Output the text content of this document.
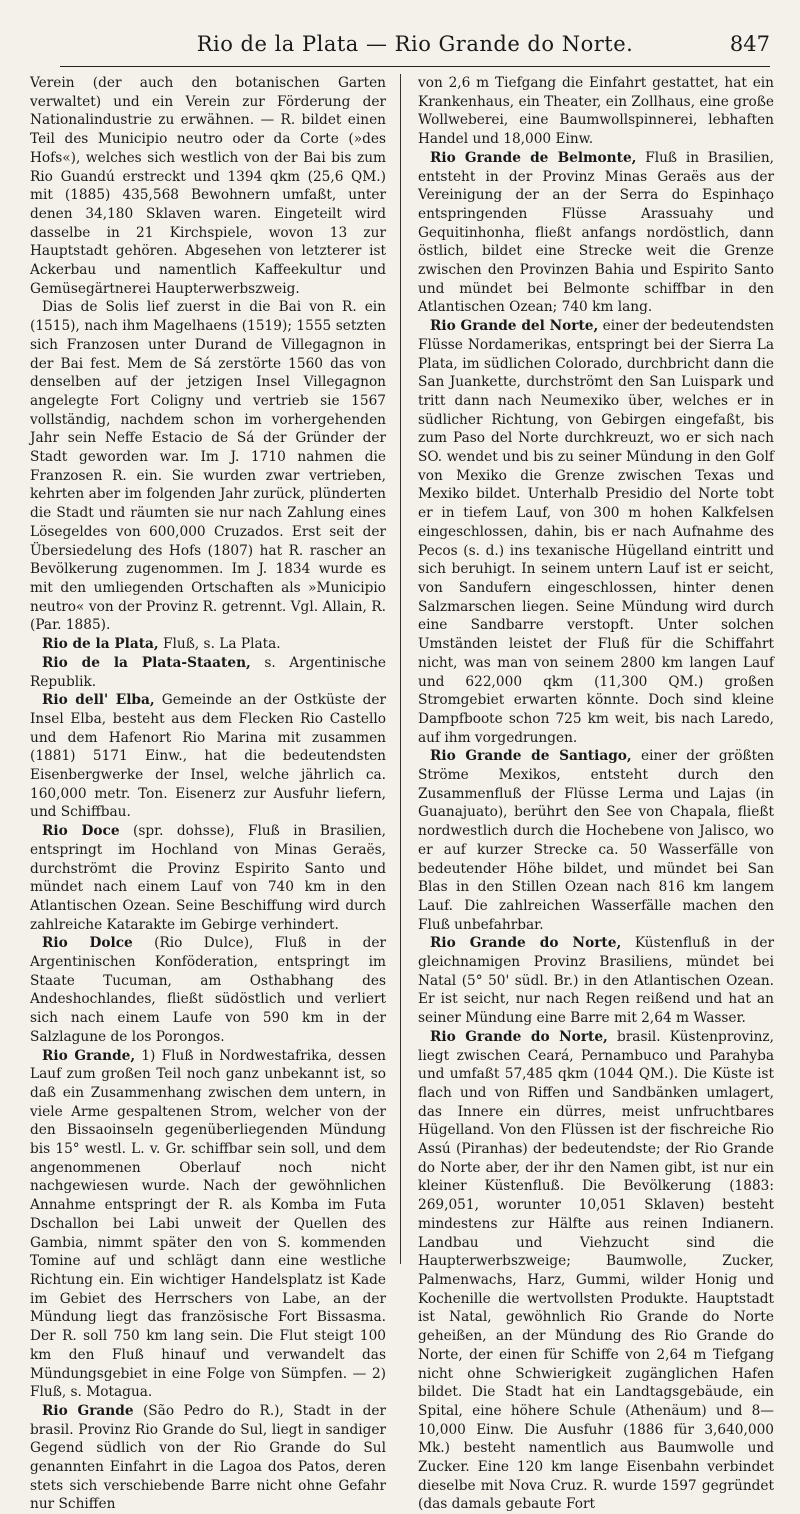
Rio de la Plata — Rio Grande do Norte.	847

Verein (der auch den botanischen Garten verwaltet) und ein Verein zur Förderung der Nationalindustrie zu erwähnen. — R. bildet einen Teil des Municipio neutro oder da Corte (»des Hofs«), welches sich westlich von der Bai bis zum Rio Guandú erstreckt und 1394 qkm (25,6 QM.) mit (1885) 435,568 Bewohnern umfaßt, unter denen 34,180 Sklaven waren. Eingeteilt wird dasselbe in 21 Kirchspiele, wovon 13 zur Hauptstadt gehören. Abgesehen von letzterer ist Ackerbau und namentlich Kaffeekultur und Gemüsegärtnerei Haupterwerbszweig.

Dias de Solis lief zuerst in die Bai von R. ein (1515), nach ihm Magelhaens (1519); 1555 setzten sich Franzosen unter Durand de Villegagnon in der Bai fest. Mem de Sá zerstörte 1560 das von denselben auf der jetzigen Insel Villegagnon angelegte Fort Coligny und vertrieb sie 1567 vollständig, nachdem schon im vorhergehenden Jahr sein Neffe Estacio de Sá der Gründer der Stadt geworden war. Im J. 1710 nahmen die Franzosen R. ein. Sie wurden zwar vertrieben, kehrten aber im folgenden Jahr zurück, plünderten die Stadt und räumten sie nur nach Zahlung eines Lösegeldes von 600,000 Cruzados. Erst seit der Übersiedelung des Hofs (1807) hat R. rascher an Bevölkerung zugenommen. Im J. 1834 wurde es mit den umliegenden Ortschaften als »Municipio neutro« von der Provinz R. getrennt. Vgl. Allain, R. (Par. 1885).

Rio de la Plata, Fluß, s. La Plata.

Rio de la Plata-Staaten, s. Argentinische Republik.

Rio dell' Elba, Gemeinde an der Ostküste der Insel Elba, besteht aus dem Flecken Rio Castello und dem Hafenort Rio Marina mit zusammen (1881) 5171 Einw., hat die bedeutendsten Eisenbergwerke der Insel, welche jährlich ca. 160,000 metr. Ton. Eisenerz zur Ausfuhr liefern, und Schiffbau.

Rio Doce (spr. dohsse), Fluß in Brasilien, entspringt im Hochland von Minas Geraës, durchströmt die Provinz Espirito Santo und mündet nach einem Lauf von 740 km in den Atlantischen Ozean. Seine Beschiffung wird durch zahlreiche Katarakte im Gebirge verhindert.

Rio Dolce (Rio Dulce), Fluß in der Argentinischen Konföderation, entspringt im Staate Tucuman, am Osthabhang des Andeshochlandes, fließt südöstlich und verliert sich nach einem Laufe von 590 km in der Salzlagune de los Porongos.

Rio Grande, 1) Fluß in Nordwestafrika, dessen Lauf zum großen Teil noch ganz unbekannt ist, so daß ein Zusammenhang zwischen dem untern, in viele Arme gespaltenen Strom, welcher von der den Bissaoinseln gegenüberliegenden Mündung bis 15° westl. L. v. Gr. schiffbar sein soll, und dem angenommenen Oberlauf noch nicht nachgewiesen wurde. Nach der gewöhnlichen Annahme entspringt der R. als Komba im Futa Dschallon bei Labi unweit der Quellen des Gambia, nimmt später den von S. kommenden Tomine auf und schlägt dann eine westliche Richtung ein. Ein wichtiger Handelsplatz ist Kade im Gebiet des Herrschers von Labe, an der Mündung liegt das französische Fort Bissasma. Der R. soll 750 km lang sein. Die Flut steigt 100 km den Fluß hinauf und verwandelt das Mündungsgebiet in eine Folge von Sümpfen. — 2) Fluß, s. Motagua.

Rio Grande (São Pedro do R.), Stadt in der brasil. Provinz Rio Grande do Sul, liegt in sandiger Gegend südlich von der Rio Grande do Sul genannten Einfahrt in die Lagoa dos Patos, deren stets sich verschiebende Barre nicht ohne Gefahr nur Schiffen

von 2,6 m Tiefgang die Einfahrt gestattet, hat ein Krankenhaus, ein Theater, ein Zollhaus, eine große Wollweberei, eine Baumwollspinnerei, lebhaften Handel und 18,000 Einw.

Rio Grande de Belmonte, Fluß in Brasilien, entsteht in der Provinz Minas Geraës aus der Vereinigung der an der Serra do Espinhaço entspringenden Flüsse Arassuahy und Gequitinhonha, fließt anfangs nordöstlich, dann östlich, bildet eine Strecke weit die Grenze zwischen den Provinzen Bahia und Espirito Santo und mündet bei Belmonte schiffbar in den Atlantischen Ozean; 740 km lang.

Rio Grande del Norte, einer der bedeutendsten Flüsse Nordamerikas, entspringt bei der Sierra La Plata, im südlichen Colorado, durchbricht dann die San Juankette, durchströmt den San Luispark und tritt dann nach Neumexiko über, welches er in südlicher Richtung, von Gebirgen eingefaßt, bis zum Paso del Norte durchkreuzt, wo er sich nach SO. wendet und bis zu seiner Mündung in den Golf von Mexiko die Grenze zwischen Texas und Mexiko bildet. Unterhalb Presidio del Norte tobt er in tiefem Lauf, von 300 m hohen Kalkfelsen eingeschlossen, dahin, bis er nach Aufnahme des Pecos (s. d.) ins texanische Hügelland eintritt und sich beruhigt. In seinem untern Lauf ist er seicht, von Sandufern eingeschlossen, hinter denen Salzmarschen liegen. Seine Mündung wird durch eine Sandbarre verstopft. Unter solchen Umständen leistet der Fluß für die Schiffahrt nicht, was man von seinem 2800 km langen Lauf und 622,000 qkm (11,300 QM.) großen Stromgebiet erwarten könnte. Doch sind kleine Dampfboote schon 725 km weit, bis nach Laredo, auf ihm vorgedrungen.

Rio Grande de Santiago, einer der größten Ströme Mexikos, entsteht durch den Zusammenfluß der Flüsse Lerma und Lajas (in Guanajuato), berührt den See von Chapala, fließt nordwestlich durch die Hochebene von Jalisco, wo er auf kurzer Strecke ca. 50 Wasserfälle von bedeutender Höhe bildet, und mündet bei San Blas in den Stillen Ozean nach 816 km langem Lauf. Die zahlreichen Wasserfälle machen den Fluß unbefahrbar.

Rio Grande do Norte, Küstenfluß in der gleichnamigen Provinz Brasiliens, mündet bei Natal (5° 50' südl. Br.) in den Atlantischen Ozean. Er ist seicht, nur nach Regen reißend und hat an seiner Mündung eine Barre mit 2,64 m Wasser.

Rio Grande do Norte, brasil. Küstenprovinz, liegt zwischen Ceará, Pernambuco und Parahyba und umfaßt 57,485 qkm (1044 QM.). Die Küste ist flach und von Riffen und Sandbänken umlagert, das Innere ein dürres, meist unfruchtbares Hügelland. Von den Flüssen ist der fischreiche Rio Assú (Piranhas) der bedeutendste; der Rio Grande do Norte aber, der ihr den Namen gibt, ist nur ein kleiner Küstenfluß. Die Bevölkerung (1883: 269,051, worunter 10,051 Sklaven) besteht mindestens zur Hälfte aus reinen Indianern. Landbau und Viehzucht sind die Haupterwerbszweige; Baumwolle, Zucker, Palmenwachs, Harz, Gummi, wilder Honig und Kochenille die wertvollsten Produkte. Hauptstadt ist Natal, gewöhnlich Rio Grande do Norte geheißen, an der Mündung des Rio Grande do Norte, der einen für Schiffe von 2,64 m Tiefgang nicht ohne Schwierigkeit zugänglichen Hafen bildet. Die Stadt hat ein Landtagsgebäude, ein Spital, eine höhere Schule (Athenäum) und 8—10,000 Einw. Die Ausfuhr (1886 für 3,640,000 Mk.) besteht namentlich aus Baumwolle und Zucker. Eine 120 km lange Eisenbahn verbindet dieselbe mit Nova Cruz. R. wurde 1597 gegründet (das damals gebaute Fort
